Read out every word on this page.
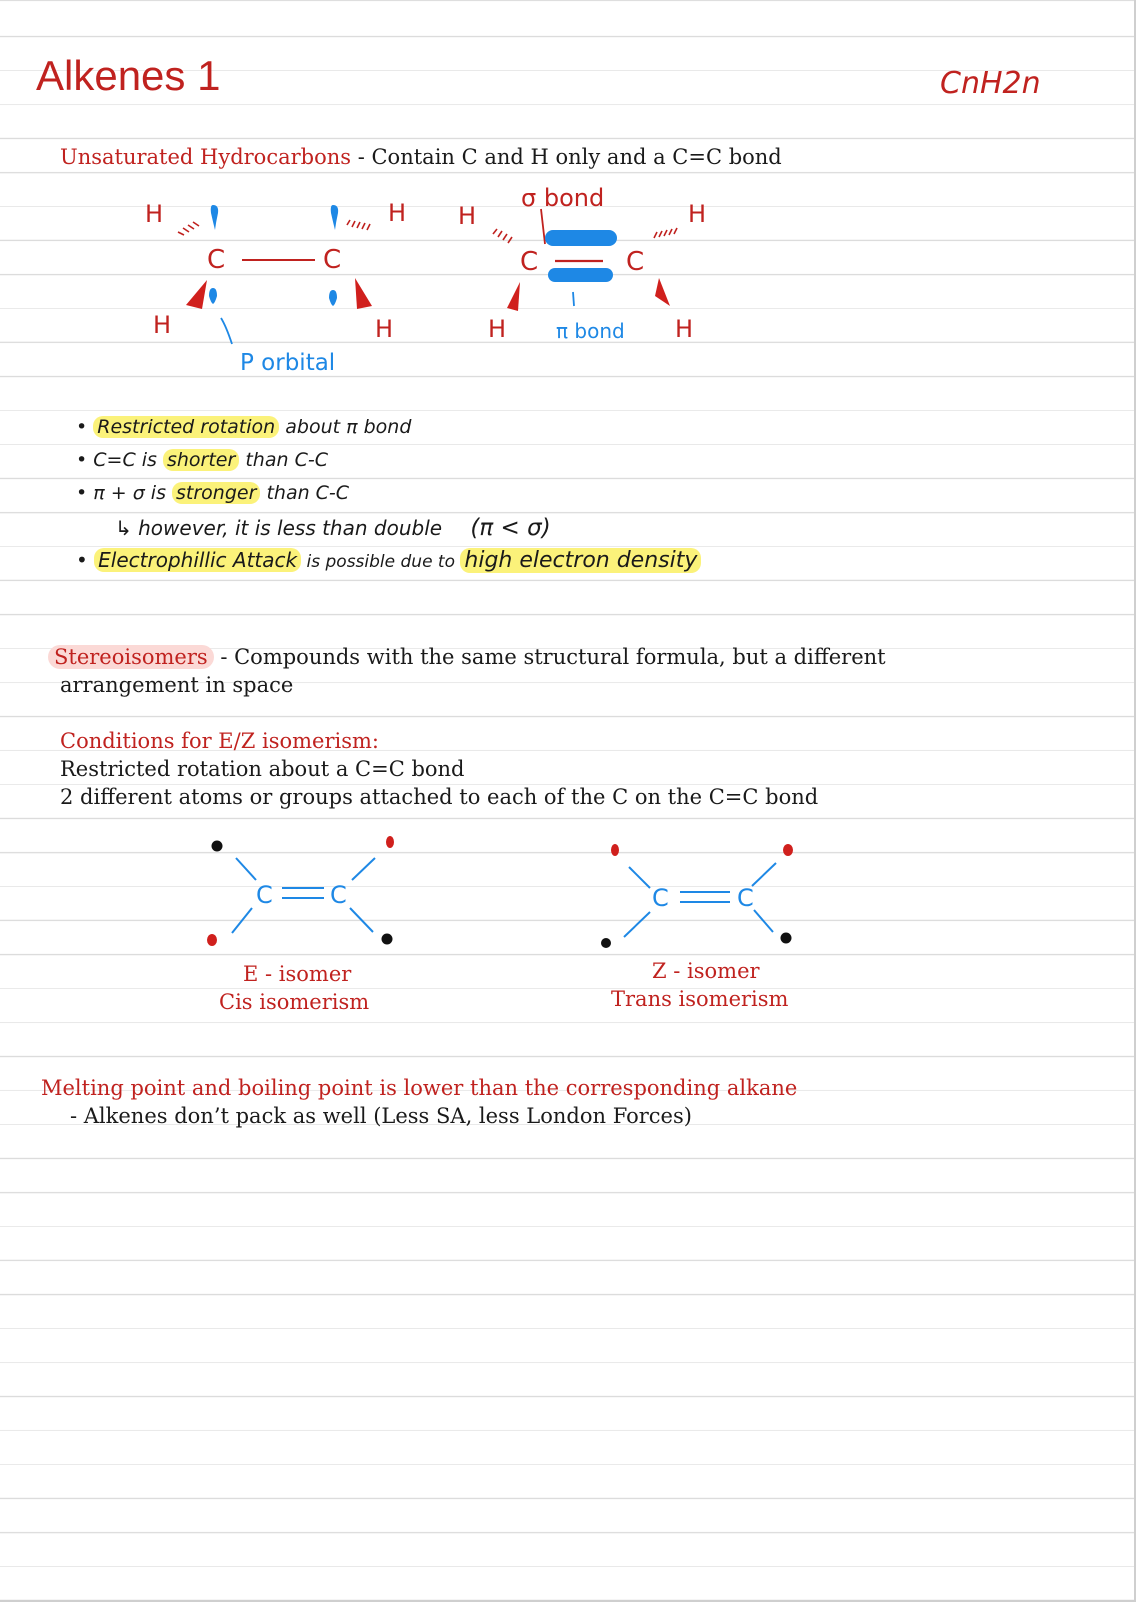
Alkenes 1	CnH2n
Unsaturated Hydrocarbons - Contain C and H only and a C=C bond
H
H
H
H
C	C
P orbital
σ bond
H	H
H	H
C	C
π bond
• Restricted rotation about π bond
• C=C is shorter than C-C
• π + σ is stronger than C-C
↳ however, it is less than double (π < σ)
• Electrophillic Attack is possible due to high electron density
Stereoisomers - Compounds with the same structural formula, but a different
arrangement in space
Conditions for E/Z isomerism:
Restricted rotation about a C=C bond
2 different atoms or groups attached to each of the C on the C=C bond
C C	C	C
E - isomer
Cis isomerism
Z - isomer
Trans isomerism
Melting point and boiling point is lower than the corresponding alkane
- Alkenes don’t pack as well (Less SA, less London Forces)
